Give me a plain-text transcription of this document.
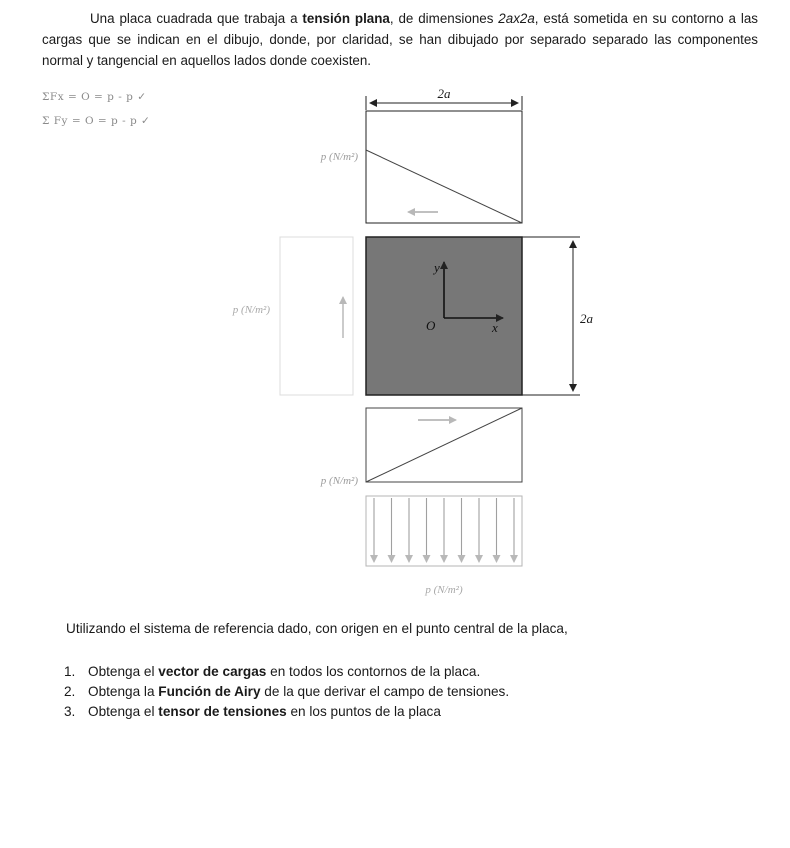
Una placa cuadrada que trabaja a tensión plana, de dimensiones 2ax2a, está sometida en su contorno a las cargas que se indican en el dibujo, donde, por claridad, se han dibujado por separado separado las componentes normal y tangencial en aquellos lados donde coexisten.

ΣFx = O = p - p ✓
Σ Fy = O = p - p ✓
2a
p (N/m²)
p (N/m²)
y
x
O	2a
p (N/m²)
p (N/m²)

Utilizando el sistema de referencia dado, con origen en el punto central de la placa,

1. Obtenga el vector de cargas en todos los contornos de la placa.
2. Obtenga la Función de Airy de la que derivar el campo de tensiones.
3. Obtenga el tensor de tensiones en los puntos de la placa
